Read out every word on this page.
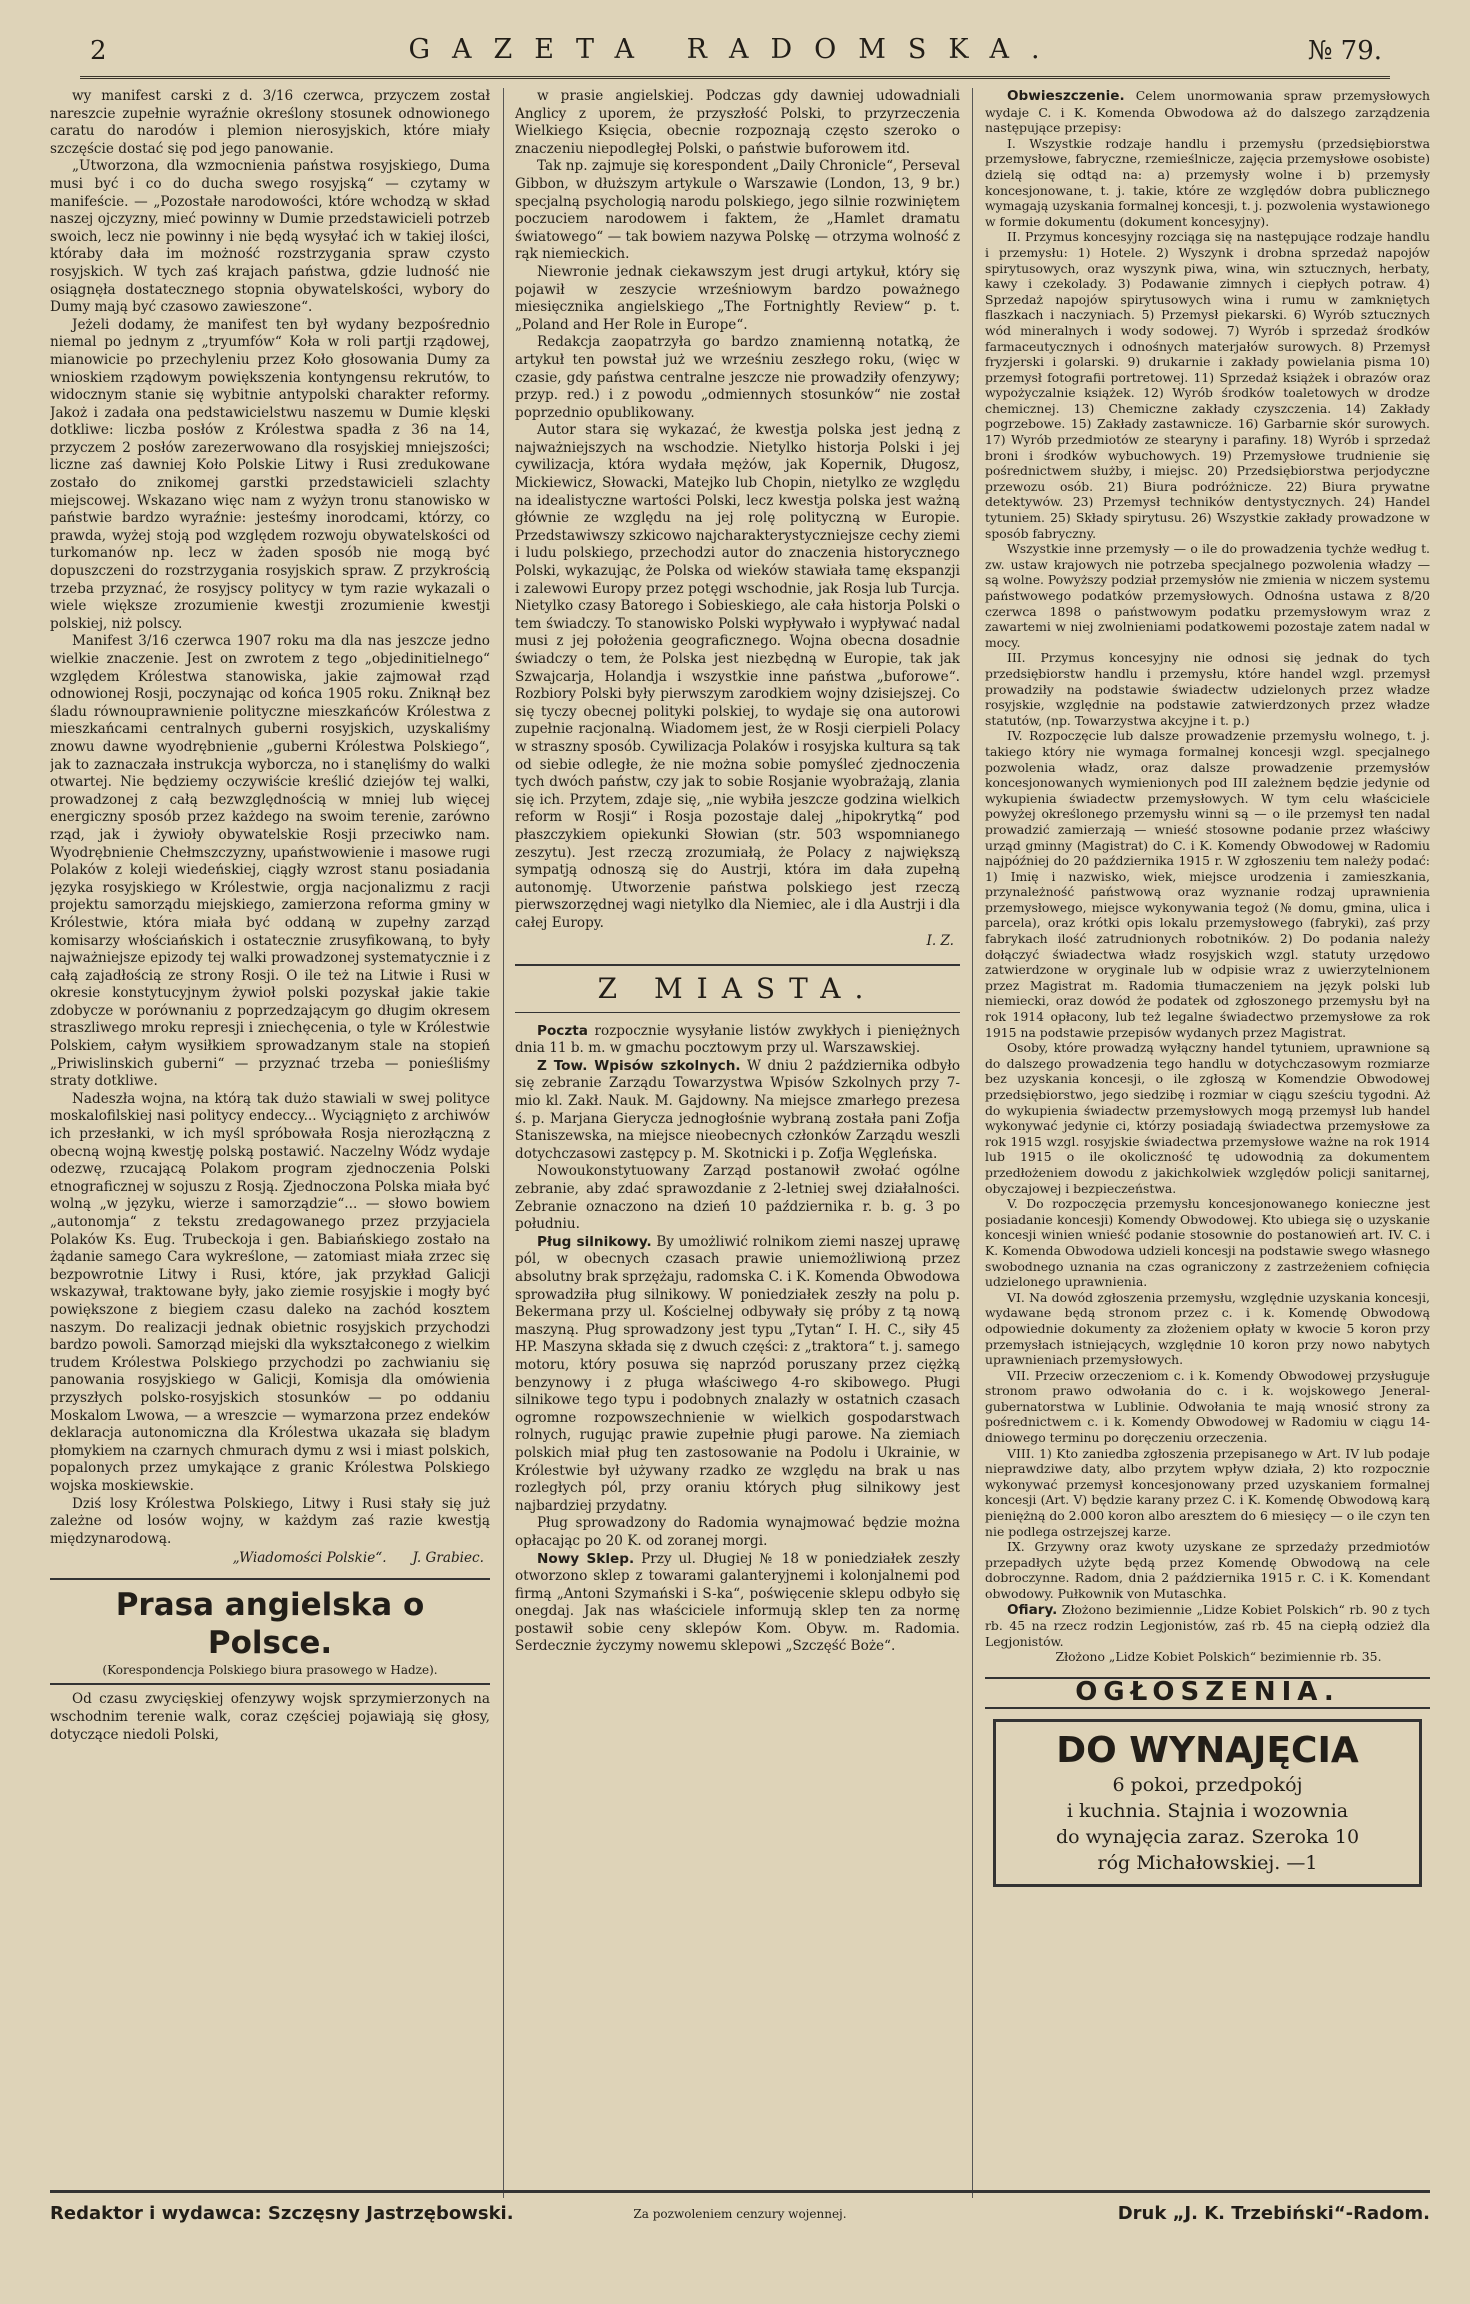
2	GAZETA RADOMSKA.	№ 79.

wy manifest carski z d. 3/16 czerwca, przyczem został nareszcie zupełnie wyraźnie określony stosunek odnowionego caratu do narodów i plemion nierosyjskich, które miały szczęście dostać się pod jego panowanie.

„Utworzona, dla wzmocnienia państwa rosyjskiego, Duma musi być i co do ducha swego rosyjską“ — czytamy w manifeście. — „Pozostałe narodowości, które wchodzą w skład naszej ojczyzny, mieć powinny w Dumie przedstawicieli potrzeb swoich, lecz nie powinny i nie będą wysyłać ich w takiej ilości, któraby dała im możność rozstrzygania spraw czysto rosyjskich. W tych zaś krajach państwa, gdzie ludność nie osiągnęła dostatecznego stopnia obywatelskości, wybory do Dumy mają być czasowo zawieszone“.

Jeżeli dodamy, że manifest ten był wydany bezpośrednio niemal po jednym z „tryumfów“ Koła w roli partji rządowej, mianowicie po przechyleniu przez Koło głosowania Dumy za wnioskiem rządowym powiększenia kontyngensu rekrutów, to widocznym stanie się wybitnie antypolski charakter reformy. Jakoż i zadała ona pedstawicielstwu naszemu w Dumie klęski dotkliwe: liczba posłów z Królestwa spadła z 36 na 14, przyczem 2 posłów zarezerwowano dla rosyjskiej mniejszości; liczne zaś dawniej Koło Polskie Litwy i Rusi zredukowane zostało do znikomej garstki przedstawicieli szlachty miejscowej. Wskazano więc nam z wyżyn tronu stanowisko w państwie bardzo wyraźnie: jesteśmy inorodcami, którzy, co prawda, wyżej stoją pod względem rozwoju obywatelskości od turkomanów np. lecz w żaden sposób nie mogą być dopuszczeni do rozstrzygania rosyjskich spraw. Z przykrością trzeba przyznać, że rosyjscy politycy w tym razie wykazali o wiele większe zrozumienie kwestji zrozumienie kwestji polskiej, niż polscy.

Manifest 3/16 czerwca 1907 roku ma dla nas jeszcze jedno wielkie znaczenie. Jest on zwrotem z tego „objedinitielnego“ względem Królestwa stanowiska, jakie zajmował rząd odnowionej Rosji, poczynając od końca 1905 roku. Zniknął bez śladu równouprawnienie polityczne mieszkańców Królestwa z mieszkańcami centralnych guberni rosyjskich, uzyskaliśmy znowu dawne wyodrębnienie „guberni Królestwa Polskiego“, jak to zaznaczała instrukcja wyborcza, no i stanęliśmy do walki otwartej. Nie będziemy oczywiście kreślić dziejów tej walki, prowadzonej z całą bezwzględnością w mniej lub więcej energiczny sposób przez każdego na swoim terenie, zarówno rząd, jak i żywioły obywatelskie Rosji przeciwko nam. Wyodrębnienie Chełmszczyzny, upaństwowienie i masowe rugi Polaków z koleji wiedeńskiej, ciągły wzrost stanu posiadania języka rosyjskiego w Królestwie, orgja nacjonalizmu z racji projektu samorządu miejskiego, zamierzona reforma gminy w Królestwie, która miała być oddaną w zupełny zarząd komisarzy włościańskich i ostatecznie zrusyfikowaną, to były najważniejsze epizody tej walki prowadzonej systematycznie i z całą zajadłością ze strony Rosji. O ile też na Litwie i Rusi w okresie konstytucyjnym żywioł polski pozyskał jakie takie zdobycze w porównaniu z poprzedzającym go długim okresem straszliwego mroku represji i zniechęcenia, o tyle w Królestwie Polskiem, całym wysiłkiem sprowadzanym stale na stopień „Priwislinskich guberni“ — przyznać trzeba — ponieśliśmy straty dotkliwe.

Nadeszła wojna, na którą tak dużo stawiali w swej polityce moskalofilskiej nasi politycy endeccy... Wyciągnięto z archiwów ich przesłanki, w ich myśl spróbowała Rosja nierozłączną z obecną wojną kwestję polską postawić. Naczelny Wódz wydaje odezwę, rzucającą Polakom program zjednoczenia Polski etnograficznej w sojuszu z Rosją. Zjednoczona Polska miała być wolną „w języku, wierze i samorządzie“... — słowo bowiem „autonomja“ z tekstu zredagowanego przez przyjaciela Polaków Ks. Eug. Trubeckoja i gen. Babiańskiego zostało na żądanie samego Cara wykreślone, — zatomiast miała zrzec się bezpowrotnie Litwy i Rusi, które, jak przykład Galicji wskazywał, traktowane były, jako ziemie rosyjskie i mogły być powiększone z biegiem czasu daleko na zachód kosztem naszym. Do realizacji jednak obietnic rosyjskich przychodzi bardzo powoli. Samorząd miejski dla wykształconego z wielkim trudem Królestwa Polskiego przychodzi po zachwianiu się panowania rosyjskiego w Galicji, Komisja dla omówienia przyszłych polsko-rosyjskich stosunków — po oddaniu Moskalom Lwowa, — a wreszcie — wymarzona przez endeków deklaracja autonomiczna dla Królestwa ukazała się bladym płomykiem na czarnych chmurach dymu z wsi i miast polskich, popalonych przez umykające z granic Królestwa Polskiego wojska moskiewskie.

Dziś losy Królestwa Polskiego, Litwy i Rusi stały się już zależne od losów wojny, w każdym zaś razie kwestją międzynarodową.

„Wiadomości Polskie“. J. Grabiec.
Prasa angielska o Polsce.
(Korespondencja Polskiego biura prasowego w Hadze).

Od czasu zwycięskiej ofenzywy wojsk sprzymierzonych na wschodnim terenie walk, coraz częściej pojawiają się głosy, dotyczące niedoli Polski,

w prasie angielskiej. Podczas gdy dawniej udowadniali Anglicy z uporem, że przyszłość Polski, to przyrzeczenia Wielkiego Księcia, obecnie rozpoznają często szeroko o znaczeniu niepodległej Polski, o państwie buforowem itd.

Tak np. zajmuje się korespondent „Daily Chronicle“, Perseval Gibbon, w dłuższym artykule o Warszawie (London, 13, 9 br.) specjalną psychologią narodu polskiego, jego silnie rozwiniętem poczuciem narodowem i faktem, że „Hamlet dramatu światowego“ — tak bowiem nazywa Polskę — otrzyma wolność z rąk niemieckich.

Niewronie jednak ciekawszym jest drugi artykuł, który się pojawił w zeszycie wrześniowym bardzo poważnego miesięcznika angielskiego „The Fortnightly Review“ p. t. „Poland and Her Role in Europe“.

Redakcja zaopatrzyła go bardzo znamienną notatką, że artykuł ten powstał już we wrześniu zeszłego roku, (więc w czasie, gdy państwa centralne jeszcze nie prowadziły ofenzywy; przyp. red.) i z powodu „odmiennych stosunków“ nie został poprzednio opublikowany.

Autor stara się wykazać, że kwestja polska jest jedną z najważniejszych na wschodzie. Nietylko historja Polski i jej cywilizacja, która wydała mężów, jak Kopernik, Długosz, Mickiewicz, Słowacki, Matejko lub Chopin, nietylko ze względu na idealistyczne wartości Polski, lecz kwestja polska jest ważną głównie ze względu na jej rolę polityczną w Europie. Przedstawiwszy szkicowo najcharakterystyczniejsze cechy ziemi i ludu polskiego, przechodzi autor do znaczenia historycznego Polski, wykazując, że Polska od wieków stawiała tamę ekspanzji i zalewowi Europy przez potęgi wschodnie, jak Rosja lub Turcja. Nietylko czasy Batorego i Sobieskiego, ale cała historja Polski o tem świadczy. To stanowisko Polski wypływało i wypływać nadal musi z jej położenia geograficznego. Wojna obecna dosadnie świadczy o tem, że Polska jest niezbędną w Europie, tak jak Szwajcarja, Holandja i wszystkie inne państwa „buforowe“. Rozbiory Polski były pierwszym zarodkiem wojny dzisiejszej. Co się tyczy obecnej polityki polskiej, to wydaje się ona autorowi zupełnie racjonalną. Wiadomem jest, że w Rosji cierpieli Polacy w straszny sposób. Cywilizacja Polaków i rosyjska kultura są tak od siebie odległe, że nie można sobie pomyśleć zjednoczenia tych dwóch państw, czy jak to sobie Rosjanie wyobrażają, zlania się ich. Przytem, zdaje się, „nie wybiła jeszcze godzina wielkich reform w Rosji“ i Rosja pozostaje dalej „hipokrytką“ pod płaszczykiem opiekunki Słowian (str. 503 wspomnianego zeszytu). Jest rzeczą zrozumiałą, że Polacy z największą sympatją odnoszą się do Austrji, która im dała zupełną autonomję. Utworzenie państwa polskiego jest rzeczą pierwszorzędnej wagi nietylko dla Niemiec, ale i dla Austrji i dla całej Europy.

I. Z.
Z MIASTA.

Poczta rozpocznie wysyłanie listów zwykłych i pieniężnych dnia 11 b. m. w gmachu pocztowym przy ul. Warszawskiej.

Z Tow. Wpisów szkolnych. W dniu 2 października odbyło się zebranie Zarządu Towarzystwa Wpisów Szkolnych przy 7-mio kl. Zakł. Nauk. M. Gajdowny. Na miejsce zmarłego prezesa ś. p. Marjana Gierycza jednogłośnie wybraną została pani Zofja Staniszewska, na miejsce nieobecnych członków Zarządu weszli dotychczasowi zastępcy p. M. Skotnicki i p. Zofja Węgleńska.

Nowoukonstytuowany Zarząd postanowił zwołać ogólne zebranie, aby zdać sprawozdanie z 2-letniej swej działalności. Zebranie oznaczono na dzień 10 października r. b. g. 3 po południu.

Pług silnikowy. By umożliwić rolnikom ziemi naszej uprawę pól, w obecnych czasach prawie uniemożliwioną przez absolutny brak sprzężaju, radomska C. i K. Komenda Obwodowa sprowadziła pług silnikowy. W poniedziałek zeszły na polu p. Bekermana przy ul. Kościelnej odbywały się próby z tą nową maszyną. Pług sprowadzony jest typu „Tytan“ I. H. C., siły 45 HP. Maszyna składa się z dwuch części: z „traktora“ t. j. samego motoru, który posuwa się naprzód poruszany przez ciężką benzynowy i z pługa właściwego 4-ro skibowego. Pługi silnikowe tego typu i podobnych znalazły w ostatnich czasach ogromne rozpowszechnienie w wielkich gospodarstwach rolnych, rugując prawie zupełnie pługi parowe. Na ziemiach polskich miał pług ten zastosowanie na Podolu i Ukrainie, w Królestwie był używany rzadko ze względu na brak u nas rozległych pól, przy oraniu których pług silnikowy jest najbardziej przydatny.

Pług sprowadzony do Radomia wynajmować będzie można opłacając po 20 K. od zoranej morgi.

Nowy Sklep. Przy ul. Długiej № 18 w poniedziałek zeszły otworzono sklep z towarami galanteryjnemi i kolonjalnemi pod firmą „Antoni Szymański i S-ka“, poświęcenie sklepu odbyło się onegdaj. Jak nas właściciele informują sklep ten za normę postawił sobie ceny sklepów Kom. Obyw. m. Radomia. Serdecznie życzymy nowemu sklepowi „Szczęść Boże“.

Obwieszczenie. Celem unormowania spraw przemysłowych wydaje C. i K. Komenda Obwodowa aż do dalszego zarządzenia następujące przepisy:

I. Wszystkie rodzaje handlu i przemysłu (przedsiębiorstwa przemysłowe, fabryczne, rzemieślnicze, zajęcia przemysłowe osobiste) dzielą się odtąd na: a) przemysły wolne i b) przemysły koncesjonowane, t. j. takie, które ze względów dobra publicznego wymagają uzyskania formalnej koncesji, t. j. pozwolenia wystawionego w formie dokumentu (dokument koncesyjny).

II. Przymus koncesyjny rozciąga się na następujące rodzaje handlu i przemysłu: 1) Hotele. 2) Wyszynk i drobna sprzedaż napojów spirytusowych, oraz wyszynk piwa, wina, win sztucznych, herbaty, kawy i czekolady. 3) Podawanie zimnych i ciepłych potraw. 4) Sprzedaż napojów spirytusowych wina i rumu w zamkniętych flaszkach i naczyniach. 5) Przemysł piekarski. 6) Wyrób sztucznych wód mineralnych i wody sodowej. 7) Wyrób i sprzedaż środków farmaceutycznych i odnośnych materjałów surowych. 8) Przemysł fryzjerski i golarski. 9) drukarnie i zakłady powielania pisma 10) przemysł fotografii portretowej. 11) Sprzedaż książek i obrazów oraz wypożyczalnie książek. 12) Wyrób środków toaletowych w drodze chemicznej. 13) Chemiczne zakłady czyszczenia. 14) Zakłady pogrzebowe. 15) Zakłady zastawnicze. 16) Garbarnie skór surowych. 17) Wyrób przedmiotów ze stearyny i parafiny. 18) Wyrób i sprzedaż broni i środków wybuchowych. 19) Przemysłowe trudnienie się pośrednictwem służby, i miejsc. 20) Przedsiębiorstwa perjodyczne przewozu osób. 21) Biura podróżnicze. 22) Biura prywatne detektywów. 23) Przemysł techników dentystycznych. 24) Handel tytuniem. 25) Składy spirytusu. 26) Wszystkie zakłady prowadzone w sposób fabryczny.

Wszystkie inne przemysły — o ile do prowadzenia tychże według t. zw. ustaw krajowych nie potrzeba specjalnego pozwolenia władzy — są wolne. Powyższy podział przemysłów nie zmienia w niczem systemu państwowego podatków przemysłowych. Odnośna ustawa z 8/20 czerwca 1898 o państwowym podatku przemysłowym wraz z zawartemi w niej zwolnieniami podatkowemi pozostaje zatem nadal w mocy.

III. Przymus koncesyjny nie odnosi się jednak do tych przedsiębiorstw handlu i przemysłu, które handel wzgl. przemysł prowadziły na podstawie świadectw udzielonych przez władze rosyjskie, względnie na podstawie zatwierdzonych przez władze statutów, (np. Towarzystwa akcyjne i t. p.)

IV. Rozpoczęcie lub dalsze prowadzenie przemysłu wolnego, t. j. takiego który nie wymaga formalnej koncesji wzgl. specjalnego pozwolenia władz, oraz dalsze prowadzenie przemysłów koncesjonowanych wymienionych pod III zależnem będzie jedynie od wykupienia świadectw przemysłowych. W tym celu właściciele powyżej określonego przemysłu winni są — o ile przemysł ten nadal prowadzić zamierzają — wnieść stosowne podanie przez właściwy urząd gminny (Magistrat) do C. i K. Komendy Obwodowej w Radomiu najpóźniej do 20 października 1915 r. W zgłoszeniu tem należy podać: 1) Imię i nazwisko, wiek, miejsce urodzenia i zamieszkania, przynależność państwową oraz wyznanie rodzaj uprawnienia przemysłowego, miejsce wykonywania tegoż (№ domu, gmina, ulica i parcela), oraz krótki opis lokalu przemysłowego (fabryki), zaś przy fabrykach ilość zatrudnionych robotników. 2) Do podania należy dołączyć świadectwa władz rosyjskich wzgl. statuty urzędowo zatwierdzone w oryginale lub w odpisie wraz z uwierzytelnionem przez Magistrat m. Radomia tłumaczeniem na język polski lub niemiecki, oraz dowód że podatek od zgłoszonego przemysłu był na rok 1914 opłacony, lub też legalne świadectwo przemysłowe za rok 1915 na podstawie przepisów wydanych przez Magistrat.

Osoby, które prowadzą wyłączny handel tytuniem, uprawnione są do dalszego prowadzenia tego handlu w dotychczasowym rozmiarze bez uzyskania koncesji, o ile zgłoszą w Komendzie Obwodowej przedsiębiorstwo, jego siedzibę i rozmiar w ciągu sześciu tygodni. Aż do wykupienia świadectw przemysłowych mogą przemysł lub handel wykonywać jedynie ci, którzy posiadają świadectwa przemysłowe za rok 1915 wzgl. rosyjskie świadectwa przemysłowe ważne na rok 1914 lub 1915 o ile okoliczność tę udowodnią za dokumentem przedłożeniem dowodu z jakichkolwiek względów policji sanitarnej, obyczajowej i bezpieczeństwa.

V. Do rozpoczęcia przemysłu koncesjonowanego konieczne jest posiadanie koncesji) Komendy Obwodowej. Kto ubiega się o uzyskanie koncesji winien wnieść podanie stosownie do postanowień art. IV. C. i K. Komenda Obwodowa udzieli koncesji na podstawie swego własnego swobodnego uznania na czas ograniczony z zastrzeżeniem cofnięcia udzielonego uprawnienia.

VI. Na dowód zgłoszenia przemysłu, względnie uzyskania koncesji, wydawane będą stronom przez c. i k. Komendę Obwodową odpowiednie dokumenty za złożeniem opłaty w kwocie 5 koron przy przemysłach istniejących, względnie 10 koron przy nowo nabytych uprawnieniach przemysłowych.

VII. Przeciw orzeczeniom c. i k. Komendy Obwodowej przysługuje stronom prawo odwołania do c. i k. wojskowego Jeneral-gubernatorstwa w Lublinie. Odwołania te mają wnosić strony za pośrednictwem c. i k. Komendy Obwodowej w Radomiu w ciągu 14-dniowego terminu po doręczeniu orzeczenia.

VIII. 1) Kto zaniedba zgłoszenia przepisanego w Art. IV lub podaje nieprawdziwe daty, albo przytem wpływ działa, 2) kto rozpocznie wykonywać przemysł koncesjonowany przed uzyskaniem formalnej koncesji (Art. V) będzie karany przez C. i K. Komendę Obwodową karą pieniężną do 2.000 koron albo aresztem do 6 miesięcy — o ile czyn ten nie podlega ostrzejszej karze.

IX. Grzywny oraz kwoty uzyskane ze sprzedaży przedmiotów przepadłych użyte będą przez Komendę Obwodową na cele dobroczynne. Radom, dnia 2 października 1915 r. C. i K. Komendant obwodowy. Pułkownik von Mutaschka.

Ofiary. Złożono bezimiennie „Lidze Kobiet Polskich“ rb. 90 z tych rb. 45 na rzecz rodzin Legjonistów, zaś rb. 45 na ciepłą odzież dla Legjonistów.

Złożono „Lidze Kobiet Polskich“ bezimiennie rb. 35.

OGŁOSZENIA.
DO WYNAJĘCIA
6 pokoi, przedpokój
i kuchnia. Stajnia i wozownia
do wynajęcia zaraz. Szeroka 10
róg Michałowskiej. —1
Redaktor i wydawca: Szczęsny Jastrzębowski.	Za pozwoleniem cenzury wojennej.	Druk „J. K. Trzebiński“-Radom.
